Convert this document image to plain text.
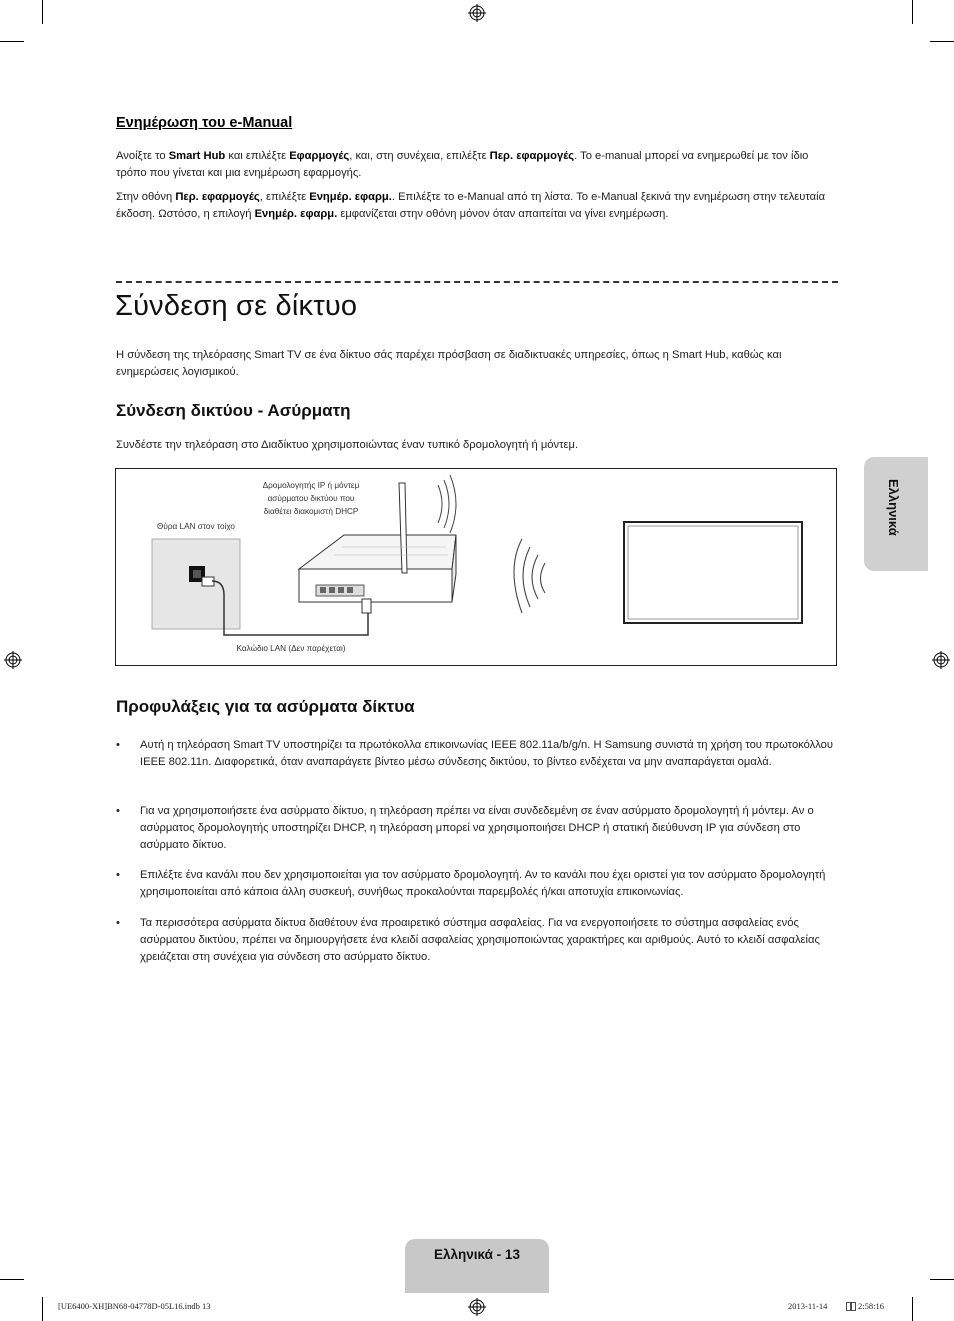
Ενημέρωση του e-Manual
Ανοίξτε το Smart Hub και επιλέξτε Εφαρμογές, και, στη συνέχεια, επιλέξτε Περ. εφαρμογές. Το e-manual μπορεί να ενημερωθεί με τον ίδιο τρόπο που γίνεται και μια ενημέρωση εφαρμογής.
Στην οθόνη Περ. εφαρμογές, επιλέξτε Ενημέρ. εφαρμ.. Επιλέξτε το e-Manual από τη λίστα. Το e-Manual ξεκινά την ενημέρωση στην τελευταία έκδοση. Ωστόσο, η επιλογή Ενημέρ. εφαρμ. εμφανίζεται στην οθόνη μόνον όταν απαιτείται να γίνει ενημέρωση.
Σύνδεση σε δίκτυο
Η σύνδεση της τηλεόρασης Smart TV σε ένα δίκτυο σάς παρέχει πρόσβαση σε διαδικτυακές υπηρεσίες, όπως η Smart Hub, καθώς και ενημερώσεις λογισμικού.
Σύνδεση δικτύου - Ασύρματη
Συνδέστε την τηλεόραση στο Διαδίκτυο χρησιμοποιώντας έναν τυπικό δρομολογητή ή μόντεμ.
Δρομολογητής IP ή μόντεμ ασύρματου δικτύου που διαθέτει διακομιστή DHCP
Θύρα LAN στον τοίχο
Καλώδιο LAN (Δεν παρέχεται)
Προφυλάξεις για τα ασύρματα δίκτυα
• Αυτή η τηλεόραση Smart TV υποστηρίζει τα πρωτόκολλα επικοινωνίας IEEE 802.11a/b/g/n. Η Samsung συνιστά τη χρήση του πρωτοκόλλου IEEE 802.11n. Διαφορετικά, όταν αναπαράγετε βίντεο μέσω σύνδεσης δικτύου, το βίντεο ενδέχεται να μην αναπαράγεται ομαλά.
• Για να χρησιμοποιήσετε ένα ασύρματο δίκτυο, η τηλεόραση πρέπει να είναι συνδεδεμένη σε έναν ασύρματο δρομολογητή ή μόντεμ. Αν ο ασύρματος δρομολογητής υποστηρίζει DHCP, η τηλεόραση μπορεί να χρησιμοποιήσει DHCP ή στατική διεύθυνση IP για σύνδεση στο ασύρματο δίκτυο.
• Επιλέξτε ένα κανάλι που δεν χρησιμοποιείται για τον ασύρματο δρομολογητή. Αν το κανάλι που έχει οριστεί για τον ασύρματο δρομολογητή χρησιμοποιείται από κάποια άλλη συσκευή, συνήθως προκαλούνται παρεμβολές ή/και αποτυχία επικοινωνίας.
• Τα περισσότερα ασύρματα δίκτυα διαθέτουν ένα προαιρετικό σύστημα ασφαλείας. Για να ενεργοποιήσετε το σύστημα ασφαλείας ενός ασύρματου δικτύου, πρέπει να δημιουργήσετε ένα κλειδί ασφαλείας χρησιμοποιώντας χαρακτήρες και αριθμούς. Αυτό το κλειδί ασφαλείας χρειάζεται στη συνέχεια για σύνδεση στο ασύρματο δίκτυο.
Ελληνικά
Ελληνικά - 13
[UE6400-XH]BN68-04778D-05L16.indb 13	2013-11-14	2:58:16
